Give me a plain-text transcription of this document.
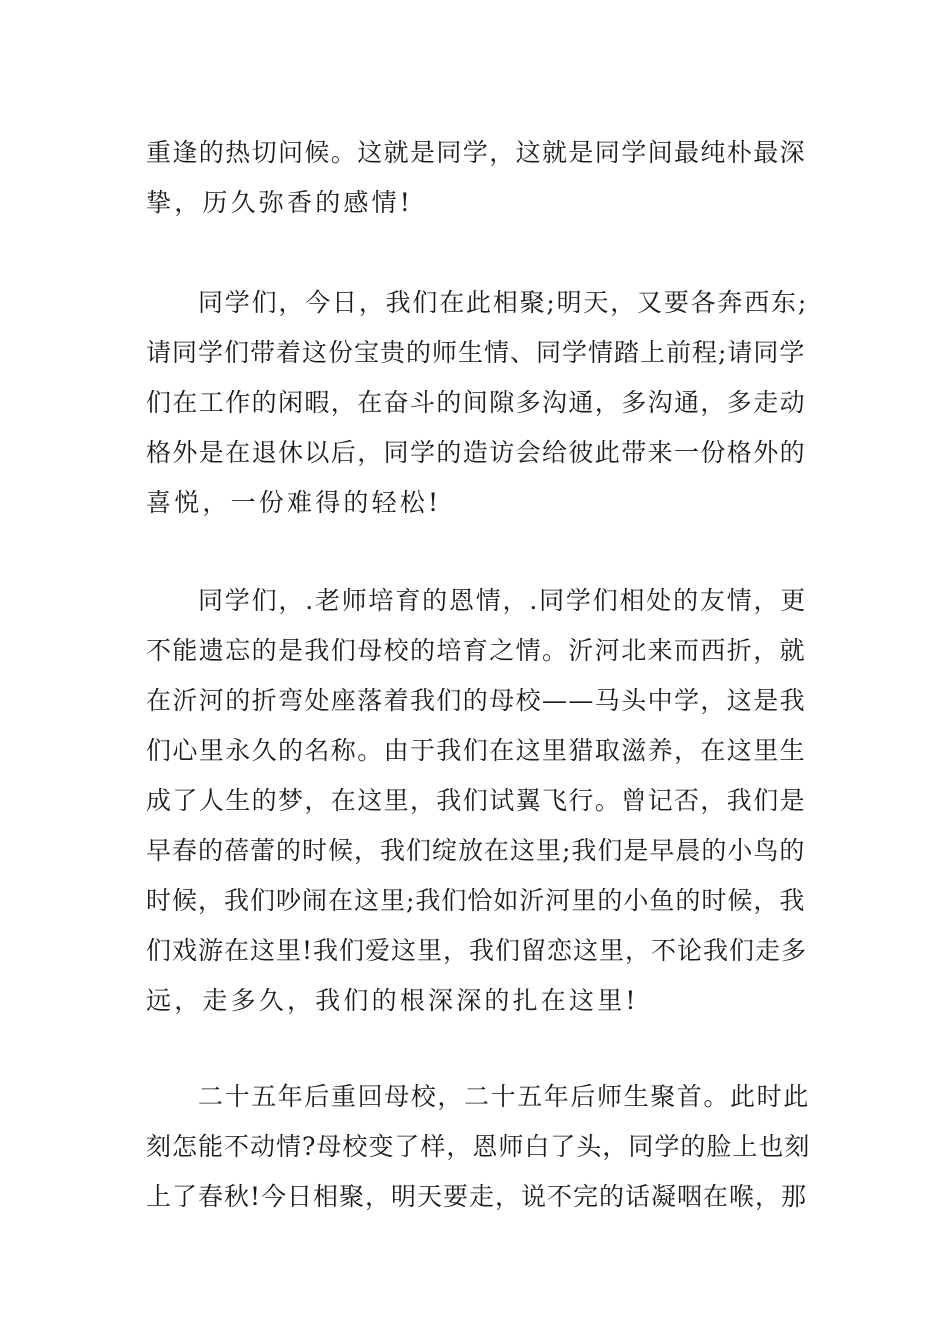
重逢的热切问候。这就是同学，这就是同学间最纯朴最深
挚，历久弥香的感情!
同学们，今日，我们在此相聚;明天，又要各奔西东;
请同学们带着这份宝贵的师生情、同学情踏上前程;请同学
们在工作的闲暇，在奋斗的间隙多沟通，多沟通，多走动
格外是在退休以后，同学的造访会给彼此带来一份格外的
喜悦，一份难得的轻松!
同学们，.老师培育的恩情，.同学们相处的友情，更
不能遗忘的是我们母校的培育之情。沂河北来而西折，就
在沂河的折弯处座落着我们的母校——马头中学，这是我
们心里永久的名称。由于我们在这里猎取滋养，在这里生
成了人生的梦，在这里，我们试翼飞行。曾记否，我们是
早春的蓓蕾的时候，我们绽放在这里;我们是早晨的小鸟的
时候，我们吵闹在这里;我们恰如沂河里的小鱼的时候，我
们戏游在这里!我们爱这里，我们留恋这里，不论我们走多
远，走多久，我们的根深深的扎在这里!
二十五年后重回母校，二十五年后师生聚首。此时此
刻怎能不动情?母校变了样，恩师白了头，同学的脸上也刻
上了春秋!今日相聚，明天要走，说不完的话凝咽在喉，那
